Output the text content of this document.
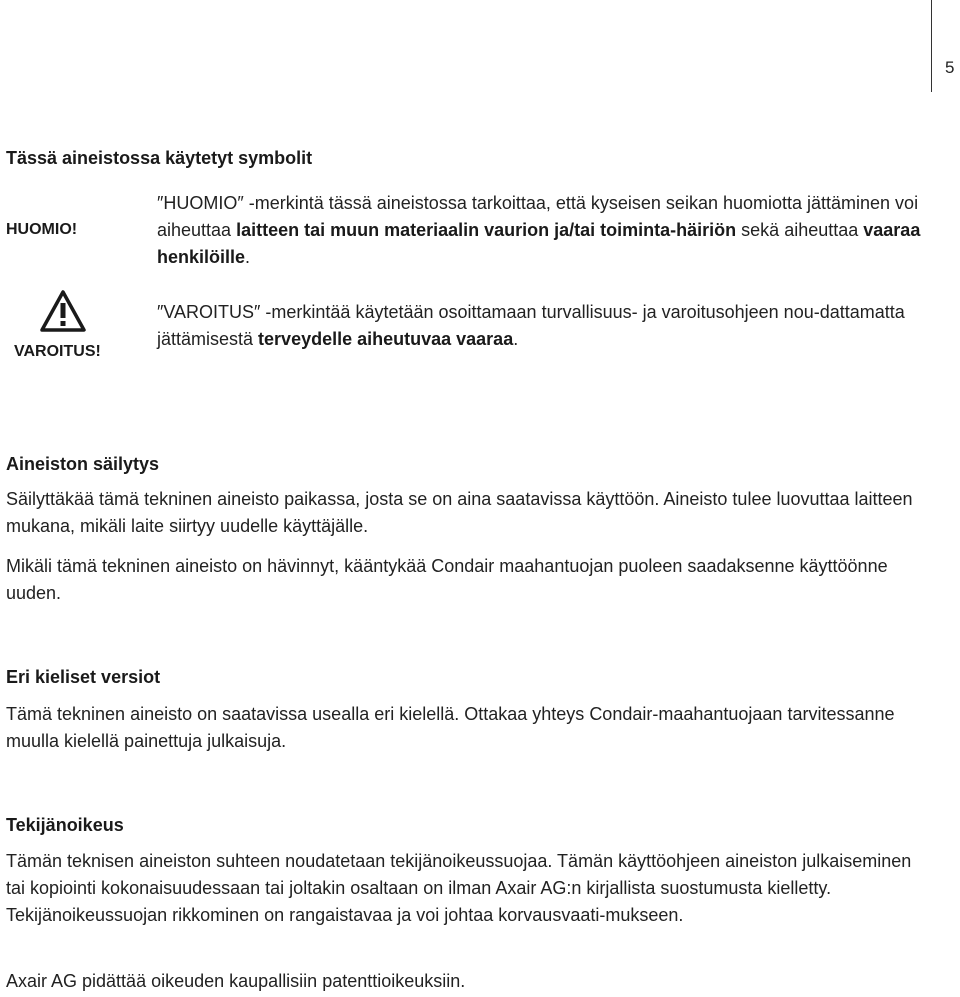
5
Tässä aineistossa käytetyt symbolit
HUOMIO!
″HUOMIO″ -merkintä tässä aineistossa tarkoittaa, että kyseisen seikan huomiotta jättäminen voi aiheuttaa laitteen tai muun materiaalin vaurion ja/tai toiminta-häiriön sekä aiheuttaa vaaraa henkilöille.
VAROITUS!
″VAROITUS″ -merkintää käytetään osoittamaan turvallisuus- ja varoitusohjeen nou-dattamatta jättämisestä terveydelle aiheutuvaa vaaraa.
Aineiston säilytys
Säilyttäkää tämä tekninen aineisto paikassa, josta se on aina saatavissa käyttöön. Aineisto tulee luovuttaa laitteen mukana, mikäli laite siirtyy uudelle käyttäjälle.
Mikäli tämä tekninen aineisto on hävinnyt, kääntykää Condair maahantuojan puoleen saadaksenne käyttöönne uuden.
Eri kieliset versiot
Tämä tekninen aineisto on saatavissa usealla eri kielellä. Ottakaa yhteys Condair-maahantuojaan tarvitessanne muulla kielellä painettuja julkaisuja.
Tekijänoikeus
Tämän teknisen aineiston suhteen noudatetaan tekijänoikeussuojaa. Tämän käyttöohjeen aineiston julkaiseminen tai kopiointi kokonaisuudessaan tai joltakin osaltaan on ilman Axair AG:n kirjallista suostumusta kielletty. Tekijänoikeussuojan rikkominen on rangaistavaa ja voi johtaa korvausvaati-mukseen.
Axair AG pidättää oikeuden kaupallisiin patenttioikeuksiin.
